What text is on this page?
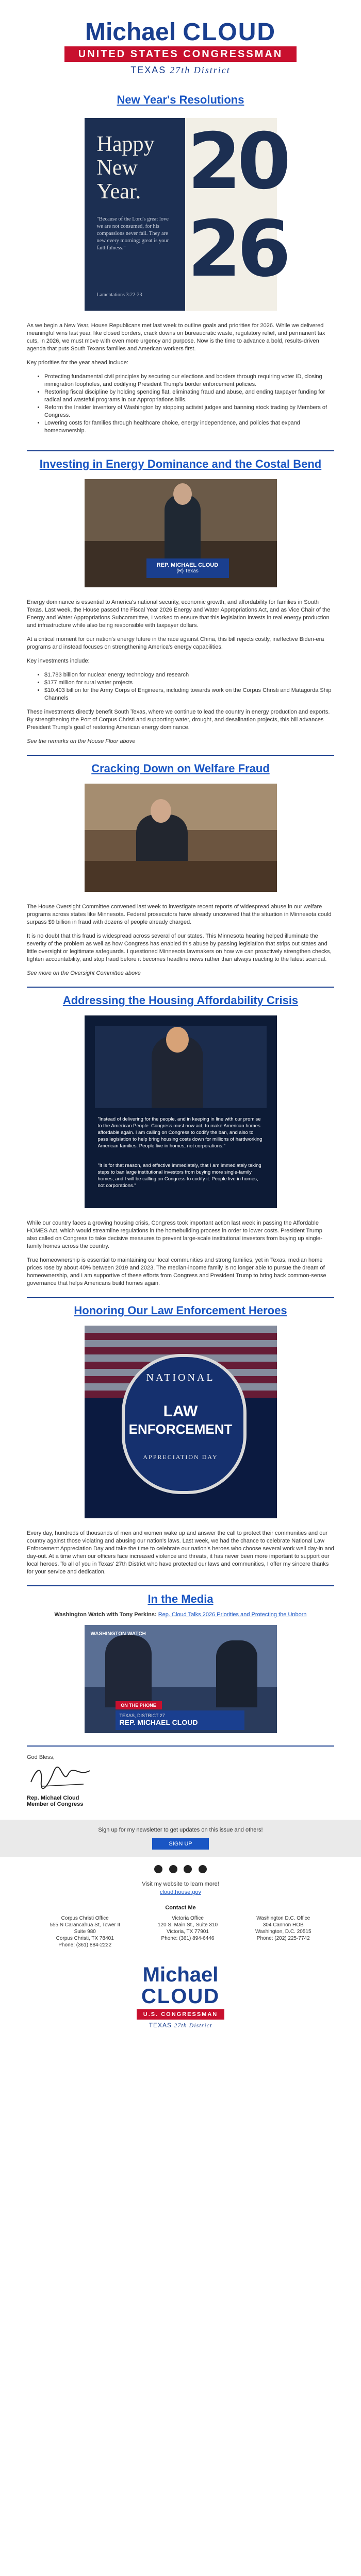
Michael CLOUD
UNITED STATES CONGRESSMAN
TEXAS 27th District
New Year's Resolutions
Happy
New
Year.
"Because of the Lord's great love we are not consumed, for his compassions never fail. They are new every morning; great is your faithfulness."
Lamentations 3:22-23
20
26

As we begin a New Year, House Republicans met last week to outline goals and priorities for 2026. While we delivered meaningful wins last year, like closed borders, crack downs on bureaucratic waste, regulatory relief, and permanent tax cuts, in 2026, we must move with even more urgency and purpose. Now is the time to advance a bold, results-driven agenda that puts South Texans families and American workers first.

Key priorities for the year ahead include:

• Protecting fundamental civil principles by securing our elections and borders through requiring voter ID, closing immigration loopholes, and codifying President Trump's border enforcement policies.
• Restoring fiscal discipline by holding spending flat, eliminating fraud and abuse, and ending taxpayer funding for radical and wasteful programs in our Appropriations bills.
• Reform the Insider Inventory of Washington by stopping activist judges and banning stock trading by Members of Congress.
• Lowering costs for families through healthcare choice, energy independence, and policies that expand homeownership.
Investing in Energy Dominance and the Costal Bend
REP. MICHAEL CLOUD
(R) Texas

Energy dominance is essential to America's national security, economic growth, and affordability for families in South Texas. Last week, the House passed the Fiscal Year 2026 Energy and Water Appropriations Act, and as Vice Chair of the Energy and Water Appropriations Subcommittee, I worked to ensure that this legislation invests in real energy production and infrastructure while also being responsible with taxpayer dollars.

At a critical moment for our nation's energy future in the race against China, this bill rejects costly, ineffective Biden-era programs and instead focuses on strengthening America's energy capabilities.

Key investments include:

• $1.783 billion for nuclear energy technology and research
• $177 million for rural water projects
• $10.403 billion for the Army Corps of Engineers, including towards work on the Corpus Christi and Matagorda Ship Channels

These investments directly benefit South Texas, where we continue to lead the country in energy production and exports. By strengthening the Port of Corpus Christi and supporting water, drought, and desalination projects, this bill advances President Trump's goal of restoring American energy dominance.

See the remarks on the House Floor above

Cracking Down on Welfare Fraud

The House Oversight Committee convened last week to investigate recent reports of widespread abuse in our welfare programs across states like Minnesota. Federal prosecutors have already uncovered that the situation in Minnesota could surpass $9 billion in fraud with dozens of people already charged.

It is no doubt that this fraud is widespread across several of our states. This Minnesota hearing helped illuminate the severity of the problem as well as how Congress has enabled this abuse by passing legislation that strips out states and little oversight or legitimate safeguards. I questioned Minnesota lawmakers on how we can proactively strengthen checks, tighten accountability, and stop fraud before it becomes headline news rather than always reacting to the latest scandal.

See more on the Oversight Committee above

Addressing the Housing Affordability Crisis
"Instead of delivering for the people, and in keeping in line with our promise to the American People. Congress must now act, to make American homes affordable again. I am calling on Congress to codify the ban, and also to pass legislation to help bring housing costs down for millions of hardworking American families. People live in homes, not corporations."
"It is for that reason, and effective immediately, that I am immediately taking steps to ban large institutional investors from buying more single-family homes, and I will be calling on Congress to codify it. People live in homes, not corporations."

While our country faces a growing housing crisis, Congress took important action last week in passing the Affordable HOMES Act, which would streamline regulations in the homebuilding process in order to lower costs. President Trump also called on Congress to take decisive measures to prevent large-scale institutional investors from buying up single-family homes across the country.

True homeownership is essential to maintaining our local communities and strong families, yet in Texas, median home prices rose by about 40% between 2019 and 2023. The median-income family is no longer able to pursue the dream of homeownership, and I am supportive of these efforts from Congress and President Trump to bring back common-sense governance that helps Americans build homes again.

Honoring Our Law Enforcement Heroes
NATIONAL
LAW
ENFORCEMENT
APPRECIATION DAY

Every day, hundreds of thousands of men and women wake up and answer the call to protect their communities and our country against those violating and abusing our nation's laws. Last week, we had the chance to celebrate National Law Enforcement Appreciation Day and take the time to celebrate our nation's heroes who choose several work well day-in and day-out. At a time when our officers face increased violence and threats, it has never been more important to support our local heroes. To all of you in Texas' 27th District who have protected our laws and communities, I offer my sincere thanks for your service and dedication.

In the Media

Washington Watch with Tony Perkins: Rep. Cloud Talks 2026 Priorities and Protecting the Unborn

WASHINGTON WATCH
ON THE PHONE
TEXAS, DISTRICT 27
REP. MICHAEL CLOUD

God Bless,

Rep. Michael Cloud
Member of Congress
Sign up for my newsletter to get updates on this issue and others!
SIGN UP

Visit my website to learn more!
cloud.house.gov
Contact Me
Corpus Christi Office
555 N Carancahua St, Tower II
Suite 980
Corpus Christi, TX 78401
Phone: (361) 884-2222
Victoria Office
120 S. Main St., Suite 310
Victoria, TX 77901
Phone: (361) 894-6446
Washington D.C. Office
304 Cannon HOB
Washington, D.C. 20515
Phone: (202) 225-7742
Michael
CLOUD
U.S. CONGRESSMAN
TEXAS 27th District
